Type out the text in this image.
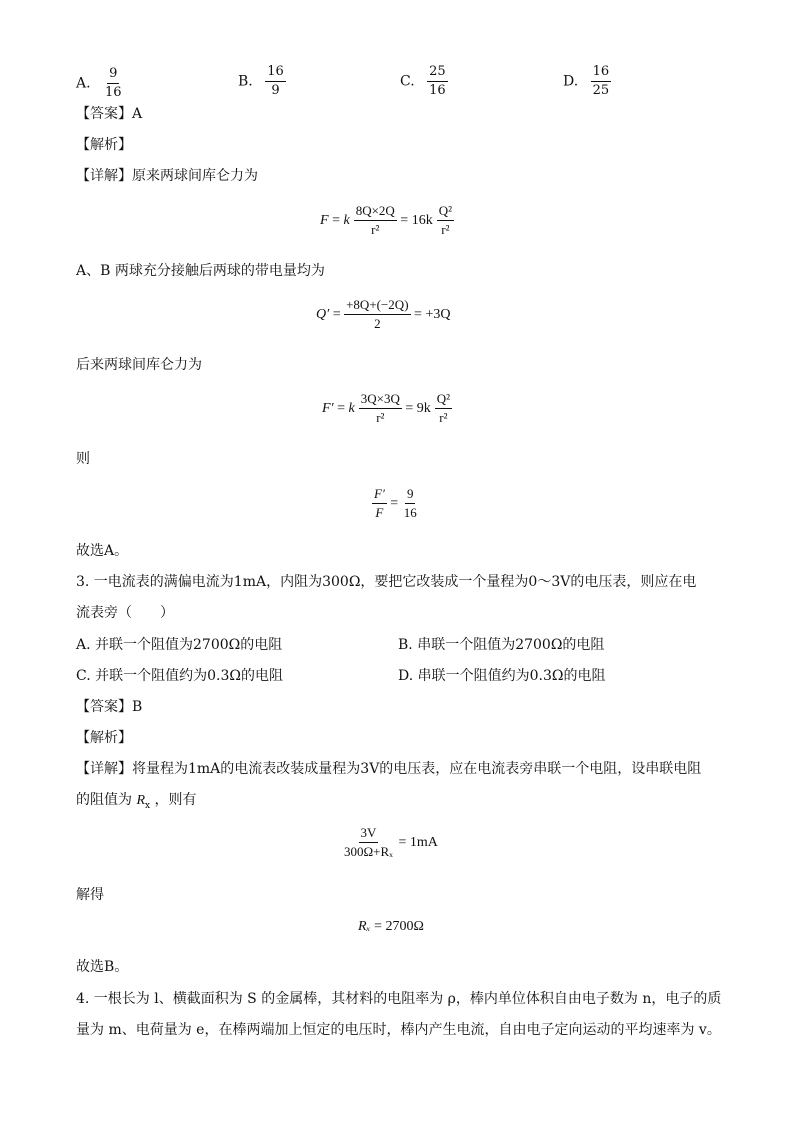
A. $\frac{9}{16}$	B. $\frac{16}{9}$	C. $\frac{25}{16}$	D. $\frac{16}{25}$
【答案】A
【解析】
【详解】原来两球间库仑力为
F = k $\frac{8Q\times 2Q}{\text{r²}} = 16k \frac{\text{Q²}}{\text{r²}}$
A、B 两球充分接触后两球的带电量均为
$Q' = \frac{+8Q+(-2Q)}{2} = +3Q$
后来两球间库仑力为
F′ = k $\frac{3Q\times 3Q}{\text{r²}} = 9k \frac{\text{Q²}}{\text{r²}}$
则
$\frac{F'}{F} = \frac{9}{16}$
故选A。
3. 一电流表的满偏电流为1mA，内阻为300Ω，要把它改装成一个量程为0～3V的电压表，则应在电
流表旁（　　）
A. 并联一个阻值为2700Ω的电阻	B. 串联一个阻值为2700Ω的电阻
C. 并联一个阻值约为0.3Ω的电阻	D. 串联一个阻值约为0.3Ω的电阻
【答案】B
【解析】
【详解】将量程为1mA的电流表改装成量程为3V的电压表，应在电流表旁串联一个电阻，设串联电阻
的阻值为 $R_x$ ，则有
$\frac{3V}{\text{300Ω+Rₓ}} = 1mA$
解得
Rₓ = 2700Ω
故选B。
4. 一根长为 l、横截面积为 S 的金属棒，其材料的电阻率为 ρ，棒内单位体积自由电子数为 n，电子的质
量为 m、电荷量为 e，在棒两端加上恒定的电压时，棒内产生电流，自由电子定向运动的平均速率为 v。
